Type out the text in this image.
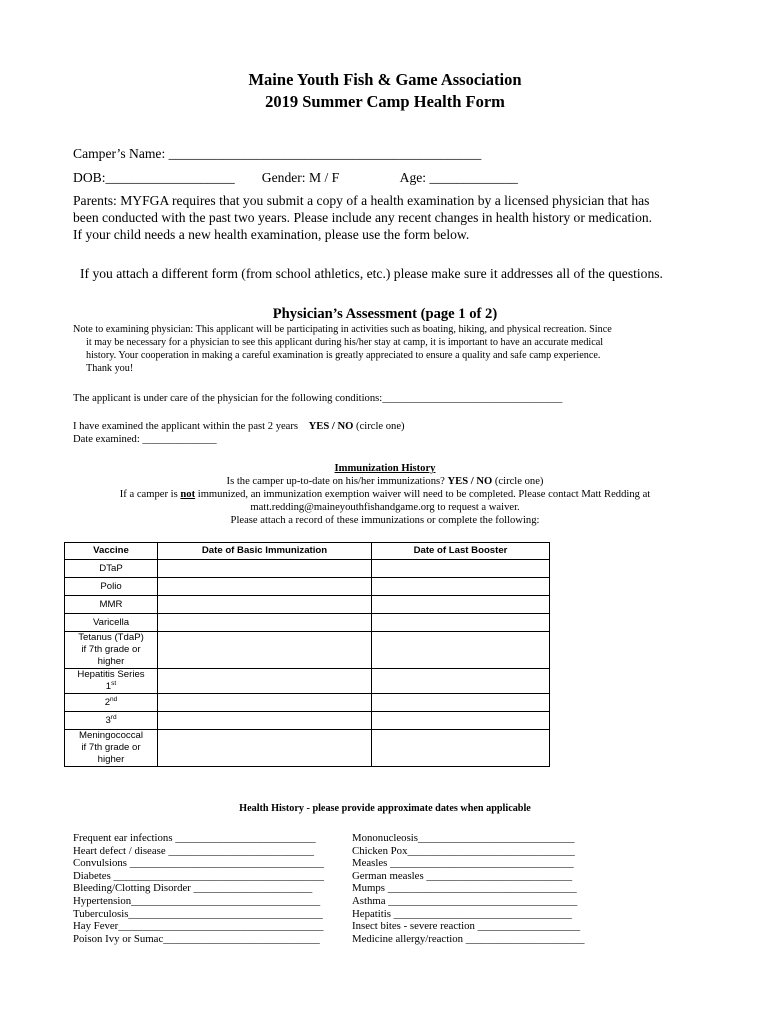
Maine Youth Fish & Game Association
2019 Summer Camp Health Form
Camper’s Name: ______________________________________________
DOB:___________________        Gender: M / F                  Age: _____________
Parents: MYFGA requires that you submit a copy of a health examination by a licensed physician that has
been conducted with the past two years. Please include any recent changes in health history or medication.
If your child needs a new health examination, please use the form below.
If you attach a different form (from school athletics, etc.) please make sure it addresses all of the questions.
Physician’s Assessment (page 1 of 2)
Note to examining physician: This applicant will be participating in activities such as boating, hiking, and physical recreation. Since
it may be necessary for a physician to see this applicant during his/her stay at camp, it is important to have an accurate medical
history. Your cooperation in making a careful examination is greatly appreciated to ensure a quality and safe camp experience.
Thank you!
The applicant is under care of the physician for the following conditions:__________________________________
I have examined the applicant within the past 2 years YES / NO (circle one)
Date examined: ______________
Immunization History
Is the camper up-to-date on his/her immunizations? YES / NO (circle one)
If a camper is not immunized, an immunization exemption waiver will need to be completed. Please contact Matt Redding at
matt.redding@maineyouthfishandgame.org to request a waiver.
Please attach a record of these immunizations or complete the following:
Vaccine	Date of Basic Immunization	Date of Last Booster
DTaP		
Polio		
MMR		
Varicella		

Tetanus (TdaP)
if 7th grade or
higher		

Hepatitis Series
1st

2nd

3rd

Meningococcal
if 7th grade or
higher		

Health History - please provide approximate dates when applicable
Frequent ear infections __________________________
Heart defect / disease ___________________________
Convulsions ____________________________________
Diabetes _______________________________________
Bleeding/Clotting Disorder ______________________
Hypertension___________________________________
Tuberculosis____________________________________
Hay Fever______________________________________
Poison Ivy or Sumac_____________________________
Mononucleosis_____________________________
Chicken Pox_______________________________
Measles __________________________________
German measles ___________________________
Mumps ___________________________________
Asthma ___________________________________
Hepatitis _________________________________
Insect bites - severe reaction ___________________
Medicine allergy/reaction ______________________
